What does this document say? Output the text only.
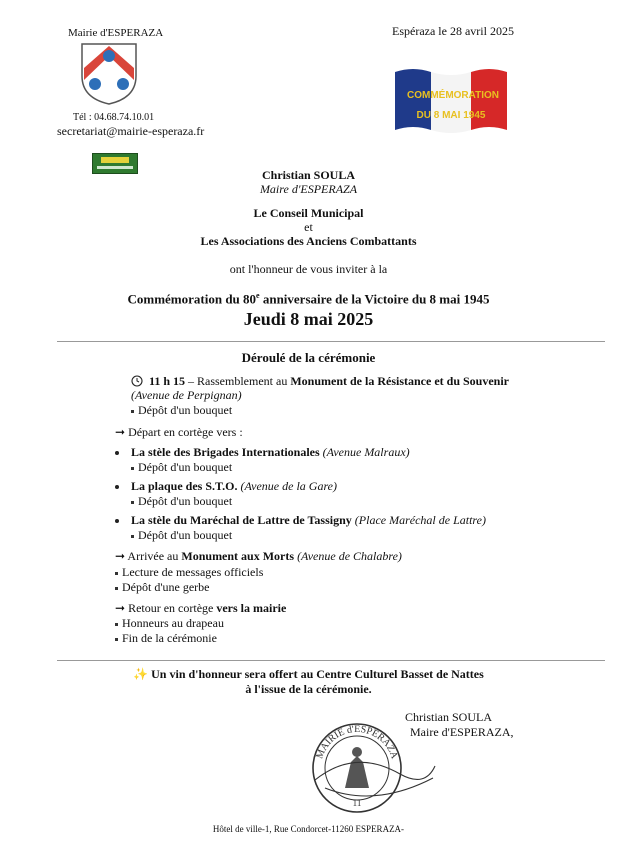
Mairie d'ESPERAZA	Espéraza le 28 avril 2025
Tél : 04.68.74.10.01
secretariat@mairie-esperaza.fr
COMMÉMORATION
DU 8 MAI 1945
Christian SOULA
Maire d'ESPERAZA
Le Conseil Municipal
et
Les Associations des Anciens Combattants
ont l'honneur de vous inviter à la
Commémoration du 80e anniversaire de la Victoire du 8 mai 1945
Jeudi 8 mai 2025
Déroulé de la cérémonie
11 h 15 – Rassemblement au Monument de la Résistance et du Souvenir
(Avenue de Perpignan)
Dépôt d'un bouquet
➞ Départ en cortège vers :
La stèle des Brigades Internationales (Avenue Malraux)
Dépôt d'un bouquet
La plaque des S.T.O. (Avenue de la Gare)
Dépôt d'un bouquet
La stèle du Maréchal de Lattre de Tassigny (Place Maréchal de Lattre)
Dépôt d'un bouquet
➞ Arrivée au Monument aux Morts (Avenue de Chalabre)
Lecture de messages officiels
Dépôt d'une gerbe
➞ Retour en cortège vers la mairie
Honneurs au drapeau
Fin de la cérémonie
✨ Un vin d'honneur sera offert au Centre Culturel Basset de Nattes
à l'issue de la cérémonie.
Christian SOULA
Maire d'ESPERAZA,
MAIRIE d'ESPERAZA
11
Hôtel de ville-1, Rue Condorcet-11260 ESPERAZA-
